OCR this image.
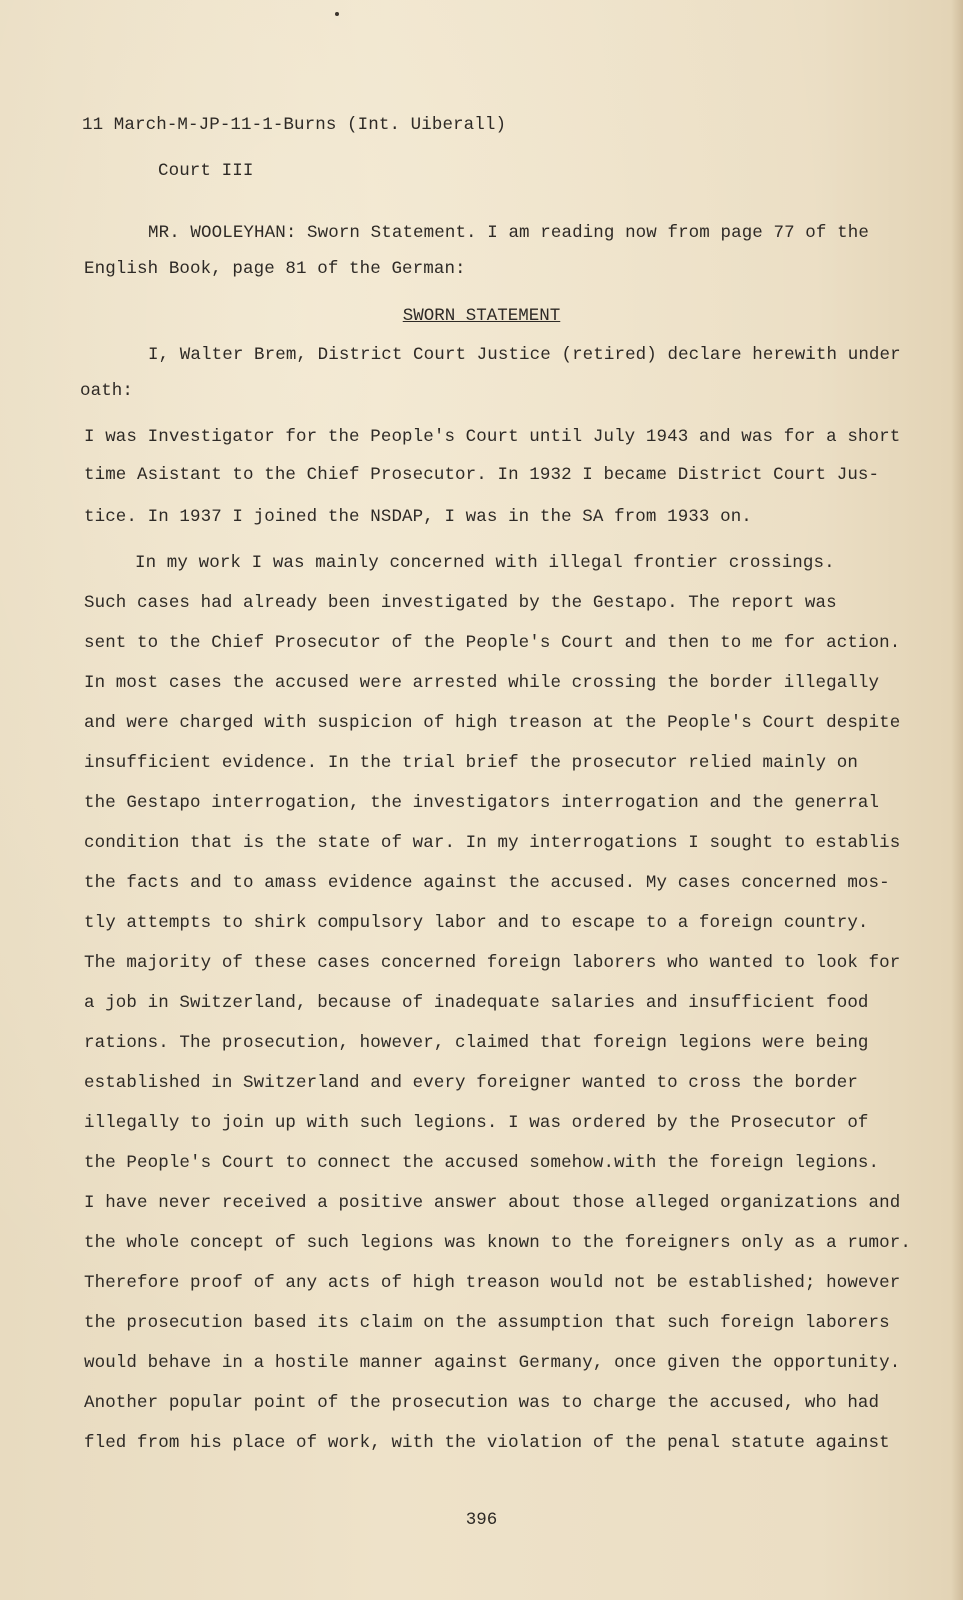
11 March-M-JP-11-1-Burns (Int. Uiberall)
Court III
MR. WOOLEYHAN: Sworn Statement. I am reading now from page 77 of the
English Book, page 81 of the German:
SWORN STATEMENT
I, Walter Brem, District Court Justice (retired) declare herewith under
oath:
I was Investigator for the People's Court until July 1943 and was for a short
time Asistant to the Chief Prosecutor. In 1932 I became District Court Jus-
tice. In 1937 I joined the NSDAP, I was in the SA from 1933 on.
In my work I was mainly concerned with illegal frontier crossings.
Such cases had already been investigated by the Gestapo. The report was
sent to the Chief Prosecutor of the People's Court and then to me for action.
In most cases the accused were arrested while crossing the border illegally
and were charged with suspicion of high treason at the People's Court despite
insufficient evidence. In the trial brief the prosecutor relied mainly on
the Gestapo interrogation, the investigators interrogation and the generral
condition that is the state of war. In my interrogations I sought to establis
the facts and to amass evidence against the accused. My cases concerned mos-
tly attempts to shirk compulsory labor and to escape to a foreign country.
The majority of these cases concerned foreign laborers who wanted to look for
a job in Switzerland, because of inadequate salaries and insufficient food
rations. The prosecution, however, claimed that foreign legions were being
established in Switzerland and every foreigner wanted to cross the border
illegally to join up with such legions. I was ordered by the Prosecutor of
the People's Court to connect the accused somehow.with the foreign legions.
I have never received a positive answer about those alleged organizations and
the whole concept of such legions was known to the foreigners only as a rumor.
Therefore proof of any acts of high treason would not be established; however
the prosecution based its claim on the assumption that such foreign laborers
would behave in a hostile manner against Germany, once given the opportunity.
Another popular point of the prosecution was to charge the accused, who had
fled from his place of work, with the violation of the penal statute against
396
